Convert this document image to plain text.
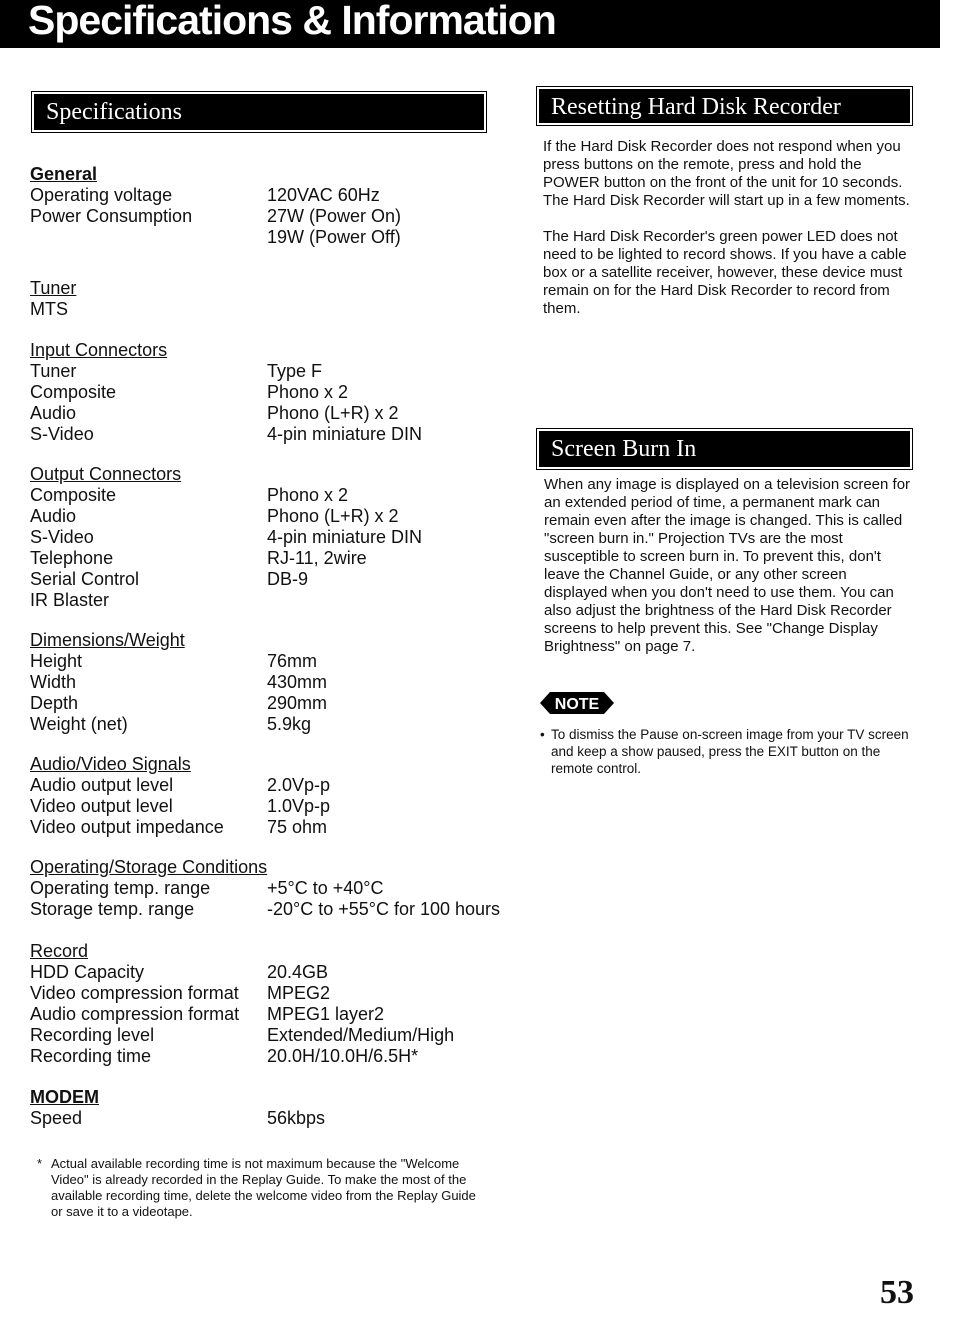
Specifications & Information
Specifications
General
Operating voltage	120VAC 60Hz
Power Consumption	27W (Power On)
19W (Power Off)
Tuner
MTS
Input Connectors
Tuner	Type F
Composite	Phono x 2
Audio	Phono (L+R) x 2
S-Video	4-pin miniature DIN
Output Connectors
Composite	Phono x 2
Audio	Phono (L+R) x 2
S-Video	4-pin miniature DIN
Telephone	RJ-11, 2wire
Serial Control	DB-9
IR Blaster
Dimensions/Weight
Height	76mm
Width	430mm
Depth	290mm
Weight (net)	5.9kg
Audio/Video Signals
Audio output level	2.0Vp-p
Video output level	1.0Vp-p
Video output impedance	75 ohm
Operating/Storage Conditions
Operating temp. range	+5°C to +40°C
Storage temp. range	-20°C to +55°C for 100 hours
Record
HDD Capacity	20.4GB
Video compression format	MPEG2
Audio compression format	MPEG1 layer2
Recording level	Extended/Medium/High
Recording time	20.0H/10.0H/6.5H*
MODEM
Speed	56kbps
* Actual available recording time is not maximum because the "Welcome Video" is already recorded in the Replay Guide. To make the most of the available recording time, delete the welcome video from the Replay Guide or save it to a videotape.
Resetting Hard Disk Recorder

If the Hard Disk Recorder does not respond when you press buttons on the remote, press and hold the POWER button on the front of the unit for 10 seconds. The Hard Disk Recorder will start up in a few moments.

The Hard Disk Recorder's green power LED does not need to be lighted to record shows. If you have a cable box or a satellite receiver, however, these device must remain on for the Hard Disk Recorder to record from them.

Screen Burn In

When any image is displayed on a television screen for an extended period of time, a permanent mark can remain even after the image is changed. This is called "screen burn in." Projection TVs are the most susceptible to screen burn in. To prevent this, don't leave the Channel Guide, or any other screen displayed when you don't need to use them. You can also adjust the brightness of the Hard Disk Recorder screens to help prevent this. See "Change Display Brightness" on page 7.

NOTE
• To dismiss the Pause on-screen image from your TV screen and keep a show paused, press the EXIT button on the remote control.
53
